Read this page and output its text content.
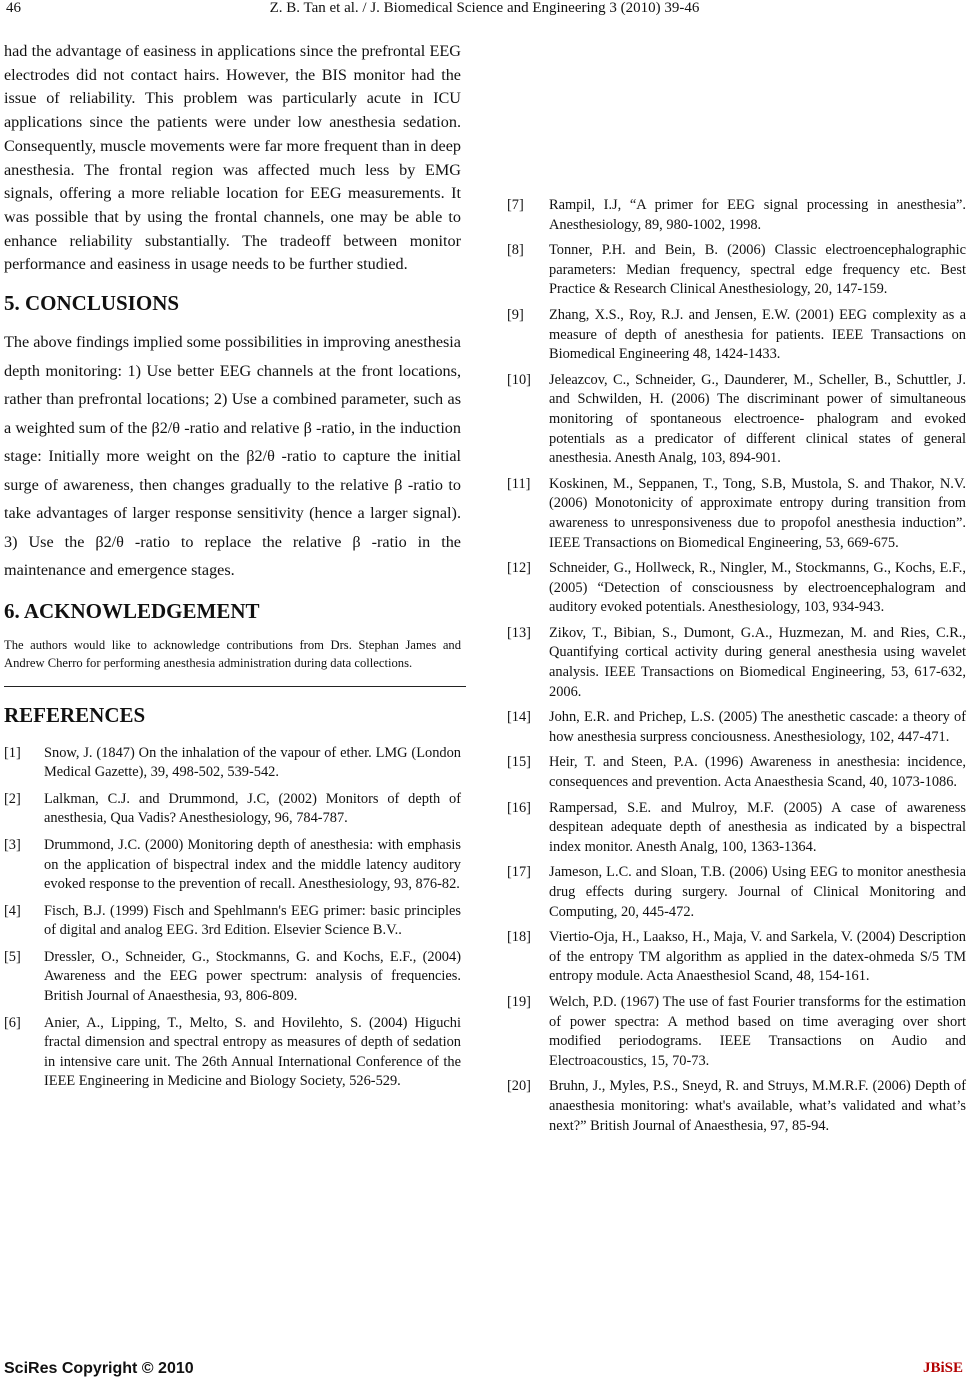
46	Z. B. Tan et al. / J. Biomedical Science and Engineering 3 (2010) 39-46

had the advantage of easiness in applications since the prefrontal EEG electrodes did not contact hairs. However, the BIS monitor had the issue of reliability. This problem was particularly acute in ICU applications since the patients were under low anesthesia sedation. Consequently, muscle movements were far more frequent than in deep anesthesia. The frontal region was affected much less by EMG signals, offering a more reliable location for EEG measurements. It was possible that by using the frontal channels, one may be able to enhance reliability substantially. The tradeoff between monitor performance and easiness in usage needs to be further studied.

5. CONCLUSIONS

The above findings implied some possibilities in improving anesthesia depth monitoring: 1) Use better EEG channels at the front locations, rather than prefrontal locations; 2) Use a combined parameter, such as a weighted sum of the β2/θ -ratio and relative β -ratio, in the induction stage: Initially more weight on the β2/θ -ratio to capture the initial surge of awareness, then changes gradually to the relative β -ratio to take advantages of larger response sensitivity (hence a larger signal). 3) Use the β2/θ -ratio to replace the relative β -ratio in the maintenance and emergence stages.

6. ACKNOWLEDGEMENT

The authors would like to acknowledge contributions from Drs. Stephan James and Andrew Cherro for performing anesthesia administration during data collections.

REFERENCES
[1]	Snow, J. (1847) On the inhalation of the vapour of ether. LMG (London Medical Gazette), 39, 498-502, 539-542.
[2]	Lalkman, C.J. and Drummond, J.C, (2002) Monitors of depth of anesthesia, Qua Vadis? Anesthesiology, 96, 784-787.
[3]	Drummond, J.C. (2000) Monitoring depth of anesthesia: with emphasis on the application of bispectral index and the middle latency auditory evoked response to the prevention of recall. Anesthesiology, 93, 876-82.
[4]	Fisch, B.J. (1999) Fisch and Spehlmann's EEG primer: basic principles of digital and analog EEG. 3rd Edition. Elsevier Science B.V..
[5]	Dressler, O., Schneider, G., Stockmanns, G. and Kochs, E.F., (2004) Awareness and the EEG power spectrum: analysis of frequencies. British Journal of Anaesthesia, 93, 806-809.
[6]	Anier, A., Lipping, T., Melto, S. and Hovilehto, S. (2004) Higuchi fractal dimension and spectral entropy as measures of depth of sedation in intensive care unit. The 26th Annual International Conference of the IEEE Engineering in Medicine and Biology Society, 526-529.
[7]	Rampil, I.J, “A primer for EEG signal processing in anesthesia”. Anesthesiology, 89, 980-1002, 1998.
[8]	Tonner, P.H. and Bein, B. (2006) Classic electroencephalographic parameters: Median frequency, spectral edge frequency etc. Best Practice & Research Clinical Anesthesiology, 20, 147-159.
[9]	Zhang, X.S., Roy, R.J. and Jensen, E.W. (2001) EEG complexity as a measure of depth of anesthesia for patients. IEEE Transactions on Biomedical Engineering 48, 1424-1433.
[10]	Jeleazcov, C., Schneider, G., Daunderer, M., Scheller, B., Schuttler, J. and Schwilden, H. (2006) The discriminant power of simultaneous monitoring of spontaneous electroence- phalogram and evoked potentials as a predicator of different clinical states of general anesthesia. Anesth Analg, 103, 894-901.
[11]	Koskinen, M., Seppanen, T., Tong, S.B, Mustola, S. and Thakor, N.V. (2006) Monotonicity of approximate entropy during transition from awareness to unresponsiveness due to propofol anesthesia induction”. IEEE Transactions on Biomedical Engineering, 53, 669-675.
[12]	Schneider, G., Hollweck, R., Ningler, M., Stockmanns, G., Kochs, E.F., (2005) “Detection of consciousness by electroencephalogram and auditory evoked potentials. Anesthesiology, 103, 934-943.
[13]	Zikov, T., Bibian, S., Dumont, G.A., Huzmezan, M. and Ries, C.R., Quantifying cortical activity during general anesthesia using wavelet analysis. IEEE Transactions on Biomedical Engineering, 53, 617-632, 2006.
[14]	John, E.R. and Prichep, L.S. (2005) The anesthetic cascade: a theory of how anesthesia surpress conciousness. Anesthesiology, 102, 447-471.
[15]	Heir, T. and Steen, P.A. (1996) Awareness in anesthesia: incidence, consequences and prevention. Acta Anaesthesia Scand, 40, 1073-1086.
[16]	Rampersad, S.E. and Mulroy, M.F. (2005) A case of awareness despitean adequate depth of anesthesia as indicated by a bispectral index monitor. Anesth Analg, 100, 1363-1364.
[17]	Jameson, L.C. and Sloan, T.B. (2006) Using EEG to monitor anesthesia drug effects during surgery. Journal of Clinical Monitoring and Computing, 20, 445-472.
[18]	Viertio-Oja, H., Laakso, H., Maja, V. and Sarkela, V. (2004) Description of the entropy TM algorithm as applied in the datex-ohmeda S/5 TM entropy module. Acta Anaesthesiol Scand, 48, 154-161.
[19]	Welch, P.D. (1967) The use of fast Fourier transforms for the estimation of power spectra: A method based on time averaging over short modified periodograms. IEEE Transactions on Audio and Electroacoustics, 15, 70-73.
[20]	Bruhn, J., Myles, P.S., Sneyd, R. and Struys, M.M.R.F. (2006) Depth of anaesthesia monitoring: what's available, what’s validated and what’s next?” British Journal of Anaesthesia, 97, 85-94.
SciRes Copyright © 2010	JBiSE
